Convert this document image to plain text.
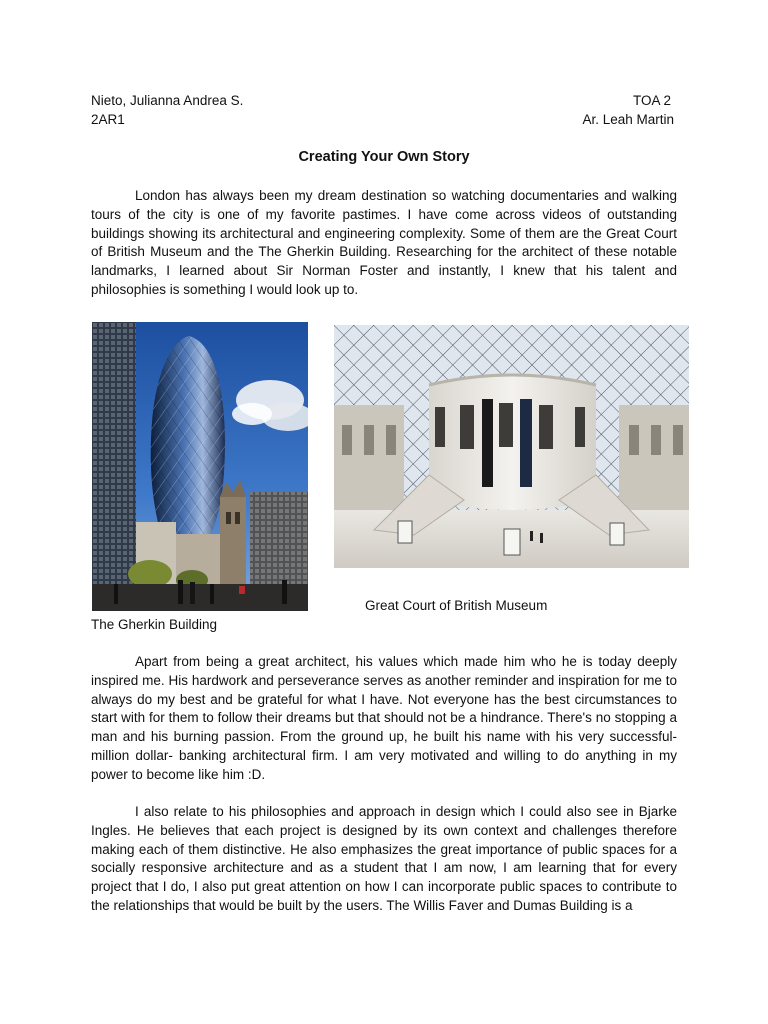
Nieto, Julianna Andrea S.
2AR1
TOA 2
Ar. Leah Martin
Creating Your Own Story

London has always been my dream destination so watching documentaries and walking tours of the city is one of my favorite pastimes. I have come across videos of outstanding buildings showing its architectural and engineering complexity. Some of them are the Great Court of British Museum and the The Gherkin Building. Researching for the architect of these notable landmarks, I learned about Sir Norman Foster and instantly, I knew that his talent and philosophies is something I would look up to.

Great Court of British Museum
The Gherkin Building

Apart from being a great architect, his values which made him who he is today deeply inspired me. His hardwork and perseverance serves as another reminder and inspiration for me to always do my best and be grateful for what I have. Not everyone has the best circumstances to start with for them to follow their dreams but that should not be a hindrance. There's no stopping a man and his burning passion. From the ground up, he built his name with his very successful- million dollar- banking architectural firm. I am very motivated and willing to do anything in my power to become like him :D.

I also relate to his philosophies and approach in design which I could also see in Bjarke Ingles. He believes that each project is designed by its own context and challenges therefore making each of them distinctive. He also emphasizes the great importance of public spaces for a socially responsive architecture and as a student that I am now, I am learning that for every project that I do, I also put great attention on how I can incorporate public spaces to contribute to the relationships that would be built by the users. The Willis Faver and Dumas Building is a
